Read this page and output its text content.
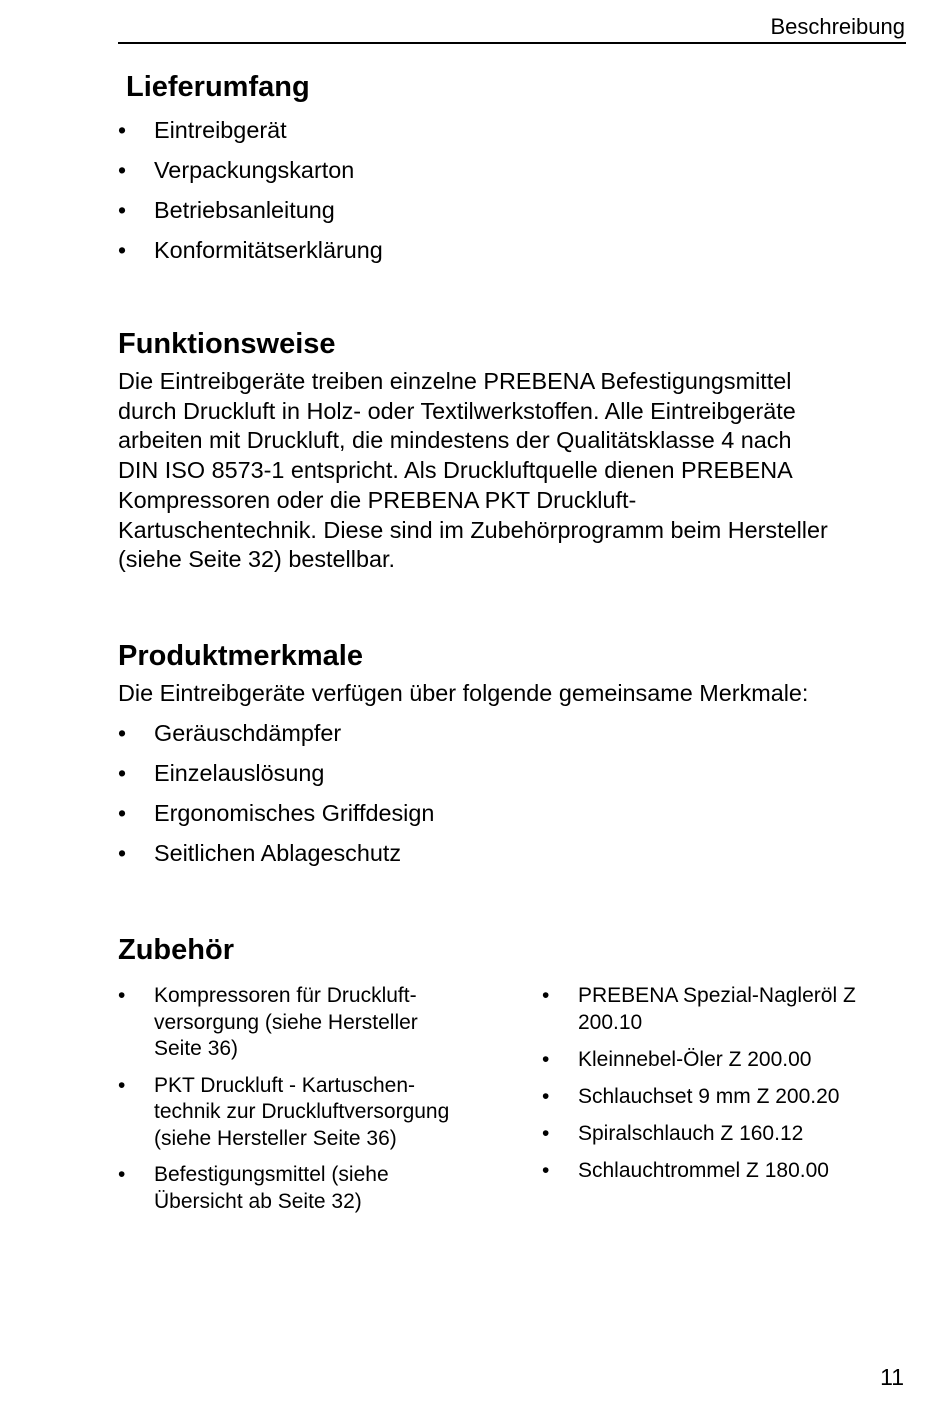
Beschreibung
Lieferumfang
• Eintreibgerät
• Verpackungskarton
• Betriebsanleitung
• Konformitätserklärung
Funktionsweise

Die Eintreibgeräte treiben einzelne PREBENA Befestigungsmittel
durch Druckluft in Holz- oder Textilwerkstoffen. Alle Eintreibgeräte
arbeiten mit Druckluft, die mindestens der Qualitätsklasse 4 nach
DIN ISO 8573-1 entspricht. Als Druckluftquelle dienen PREBENA
Kompressoren oder die PREBENA PKT Druckluft-
Kartuschentechnik. Diese sind im Zubehörprogramm beim Hersteller
(siehe Seite 32) bestellbar.

Produktmerkmale

Die Eintreibgeräte verfügen über folgende gemeinsame Merkmale:

• Geräuschdämpfer
• Einzelauslösung
• Ergonomisches Griffdesign
• Seitlichen Ablageschutz
Zubehör
• Kompressoren für Druckluft-
versorgung (siehe Hersteller
Seite 36)
• PKT Druckluft - Kartuschen-
technik zur Druckluftversorgung
(siehe Hersteller Seite 36)
• Befestigungsmittel (siehe
Übersicht ab Seite 32)
• PREBENA Spezial-Nagleröl Z
200.10
• Kleinnebel-Öler Z 200.00
• Schlauchset 9 mm Z 200.20
• Spiralschlauch Z 160.12
• Schlauchtrommel Z 180.00
11
